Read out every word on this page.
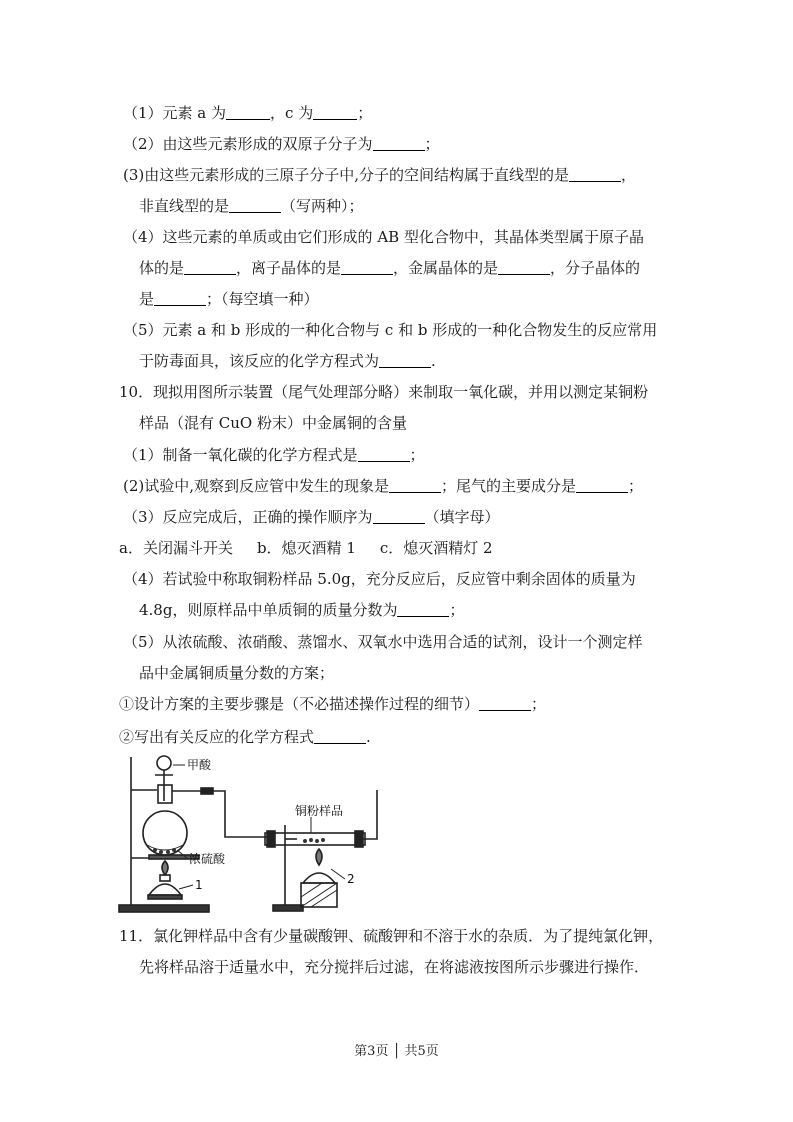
（1）元素 a 为	，c 为	；
（2）由这些元素形成的双原子分子为	；
(3)由这些元素形成的三原子分子中,分子的空间结构属于直线型的是	，
非直线型的是	（写两种）；
（4）这些元素的单质或由它们形成的 AB 型化合物中，其晶体类型属于原子晶
体的是	，离子晶体的是	，金属晶体的是	，分子晶体的
是	；（每空填一种）
（5）元素 a 和 b 形成的一种化合物与 c 和 b 形成的一种化合物发生的反应常用
于防毒面具，该反应的化学方程式为	.
10．现拟用图所示装置（尾气处理部分略）来制取一氧化碳，并用以测定某铜粉
样品（混有 CuO 粉末）中金属铜的含量
（1）制备一氧化碳的化学方程式是	；
(2)试验中,观察到反应管中发生的现象是	；尾气的主要成分是	；
（3）反应完成后，正确的操作顺序为	（填字母）
a．关闭漏斗开关 b．熄灭酒精 1 c．熄灭酒精灯 2
（4）若试验中称取铜粉样品 5.0g，充分反应后，反应管中剩余固体的质量为
4.8g，则原样品中单质铜的质量分数为	；
（5）从浓硫酸、浓硝酸、蒸馏水、双氧水中选用合适的试剂，设计一个测定样
品中金属铜质量分数的方案；
①设计方案的主要步骤是（不必描述操作过程的细节）	；
②写出有关反应的化学方程式	.
甲酸
浓硫酸
铜粉样品
1	2
11．氯化钾样品中含有少量碳酸钾、硫酸钾和不溶于水的杂质．为了提纯氯化钾，
先将样品溶于适量水中，充分搅拌后过滤，在将滤液按图所示步骤进行操作．
第3页 │ 共5页
